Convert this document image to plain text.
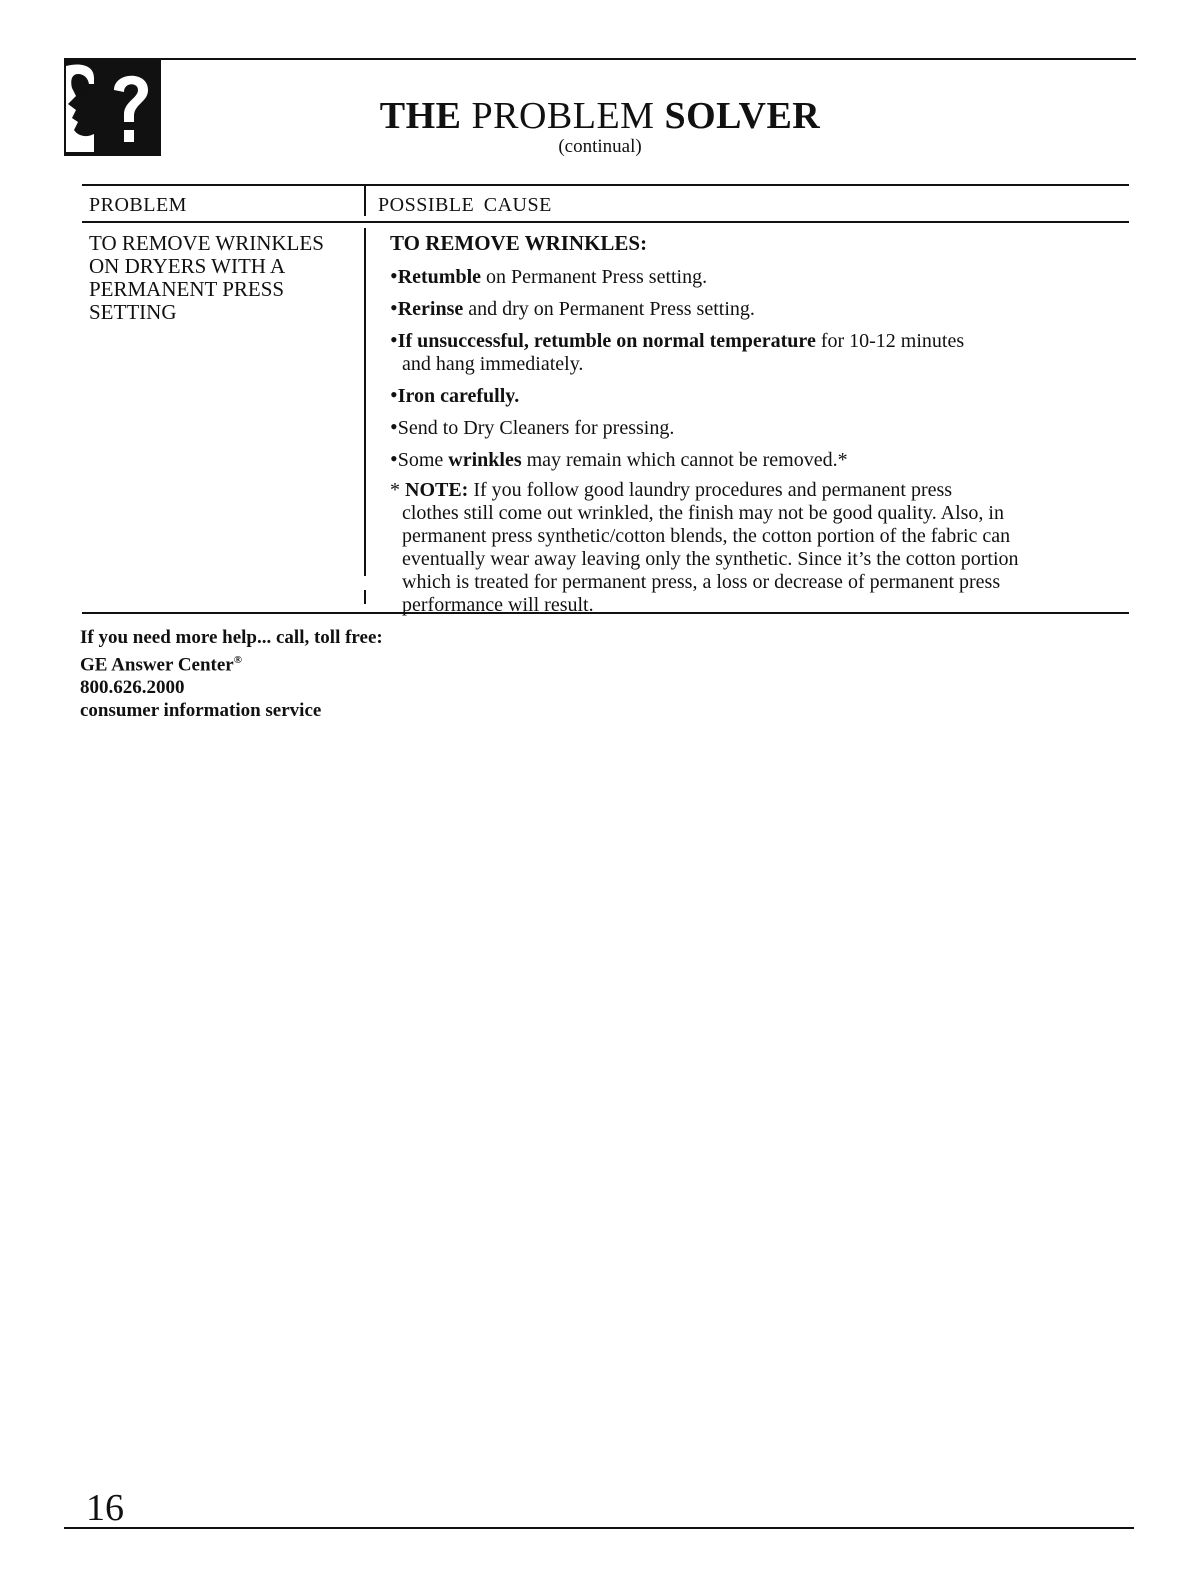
THE PROBLEM SOLVER
(continual)
PROBLEM	POSSIBLE CAUSE
TO REMOVE WRINKLES
ON DRYERS WITH A
PERMANENT PRESS
SETTING
TO REMOVE WRINKLES:
•Retumble on Permanent Press setting.
•Rerinse and dry on Permanent Press setting.
•If unsuccessful, retumble on normal temperature for 10-12 minutes
and hang immediately.
•Iron carefully.
•Send to Dry Cleaners for pressing.
•Some wrinkles may remain which cannot be removed.*
* NOTE: If you follow good laundry procedures and permanent press
clothes still come out wrinkled, the finish may not be good quality. Also, in
permanent press synthetic/cotton blends, the cotton portion of the fabric can
eventually wear away leaving only the synthetic. Since it’s the cotton portion
which is treated for permanent press, a loss or decrease of permanent press
performance will result.
If you need more help... call, toll free:
GE Answer Center®
800.626.2000
consumer information service
16
